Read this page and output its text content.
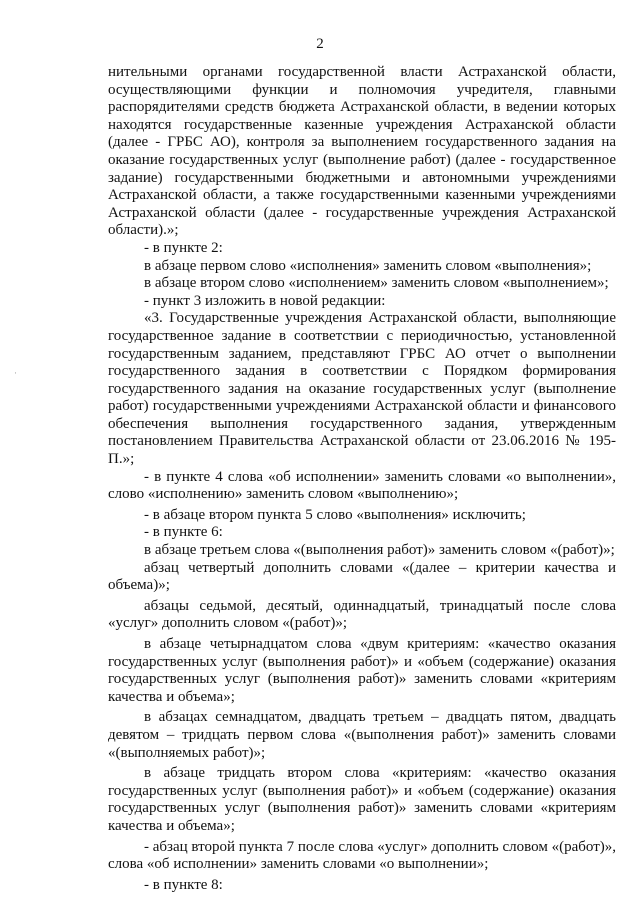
2
·

нительными органами государственной власти Астраханской области, осуществляющими функции и полномочия учредителя, главными распорядителями средств бюджета Астраханской области, в ведении которых находятся государственные казенные учреждения Астраханской области (далее - ГРБС АО), контроля за выполнением государственного задания на оказание государственных услуг (выполнение работ) (далее - государственное задание) государственными бюджетными и автономными учреждениями Астраханской области, а также государственными казенными учреждениями Астраханской области (далее - государственные учреждения Астраханской области).»;

- в пункте 2:

в абзаце первом слово «исполнения» заменить словом «выполнения»;

в абзаце втором слово «исполнением» заменить словом «выполнением»;

- пункт 3 изложить в новой редакции:

«3. Государственные учреждения Астраханской области, выполняющие государственное задание в соответствии с периодичностью, установленной государственным заданием, представляют ГРБС АО отчет о выполнении государственного задания в соответствии с Порядком формирования государственного задания на оказание государственных услуг (выполнение работ) государственными учреждениями Астраханской области и финансового обеспечения выполнения государственного задания, утвержденным постановлением Правительства Астраханской области от 23.06.2016 № 195-П.»;

- в пункте 4 слова «об исполнении» заменить словами «о выполнении», слово «исполнению» заменить словом «выполнению»;

- в абзаце втором пункта 5 слово «выполнения» исключить;

- в пункте 6:

в абзаце третьем слова «(выполнения работ)» заменить словом «(работ)»;

абзац четвертый дополнить словами «(далее – критерии качества и объема)»;

абзацы седьмой, десятый, одиннадцатый, тринадцатый после слова «услуг» дополнить словом «(работ)»;

в абзаце четырнадцатом слова «двум критериям: «качество оказания государственных услуг (выполнения работ)» и «объем (содержание) оказания государственных услуг (выполнения работ)» заменить словами «критериям качества и объема»;

в абзацах семнадцатом, двадцать третьем – двадцать пятом, двадцать девятом – тридцать первом слова «(выполнения работ)» заменить словами «(выполняемых работ)»;

в абзаце тридцать втором слова «критериям: «качество оказания государственных услуг (выполнения работ)» и «объем (содержание) оказания государственных услуг (выполнения работ)» заменить словами «критериям качества и объема»;

- абзац второй пункта 7 после слова «услуг» дополнить словом «(работ)», слова «об исполнении» заменить словами «о выполнении»;

- в пункте 8:
